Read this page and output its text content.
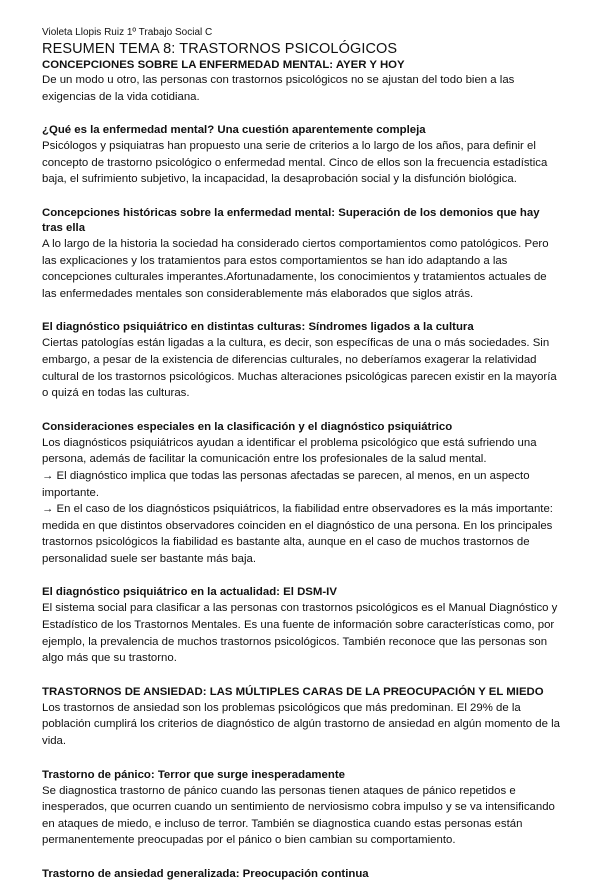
Violeta Llopis Ruiz 1º Trabajo Social C
RESUMEN TEMA 8: TRASTORNOS PSICOLÓGICOS
CONCEPCIONES SOBRE LA ENFERMEDAD MENTAL: AYER Y HOY

De un modo u otro, las personas con trastornos psicológicos no se ajustan del todo bien a las exigencias de la vida cotidiana.

¿Qué es la enfermedad mental? Una cuestión aparentemente compleja

Psicólogos y psiquiatras han propuesto una serie de criterios a lo largo de los años, para definir el concepto de trastorno psicológico o enfermedad mental. Cinco de ellos son la frecuencia estadística baja, el sufrimiento subjetivo, la incapacidad, la desaprobación social y la disfunción biológica.

Concepciones históricas sobre la enfermedad mental: Superación de los demonios que hay tras ella

A lo largo de la historia la sociedad ha considerado ciertos comportamientos como patológicos. Pero las explicaciones y los tratamientos para estos comportamientos se han ido adaptando a las concepciones culturales imperantes.Afortunadamente, los conocimientos y tratamientos actuales de las enfermedades mentales son considerablemente más elaborados que siglos atrás.

El diagnóstico psiquiátrico en distintas culturas: Síndromes ligados a la cultura

Ciertas patologías están ligadas a la cultura, es decir, son específicas de una o más sociedades. Sin embargo, a pesar de la existencia de diferencias culturales, no deberíamos exagerar la relatividad cultural de los trastornos psicológicos. Muchas alteraciones psicológicas parecen existir en la mayoría o quizá en todas las culturas.

Consideraciones especiales en la clasificación y el diagnóstico psiquiátrico

Los diagnósticos psiquiátricos ayudan a identificar el problema psicológico que está sufriendo una persona, además de facilitar la comunicación entre los profesionales de la salud mental.

→ El diagnóstico implica que todas las personas afectadas se parecen, al menos, en un aspecto importante.

→ En el caso de los diagnósticos psiquiátricos, la fiabilidad entre observadores es la más importante: medida en que distintos observadores coinciden en el diagnóstico de una persona. En los principales trastornos psicológicos la fiabilidad es bastante alta, aunque en el caso de muchos trastornos de personalidad suele ser bastante más baja.

El diagnóstico psiquiátrico en la actualidad: El DSM-IV

El sistema social para clasificar a las personas con trastornos psicológicos es el Manual Diagnóstico y Estadístico de los Trastornos Mentales. Es una fuente de información sobre características como, por ejemplo, la prevalencia de muchos trastornos psicológicos. También reconoce que las personas son algo más que su trastorno.

TRASTORNOS DE ANSIEDAD: LAS MÚLTIPLES CARAS DE LA PREOCUPACIÓN Y EL MIEDO

Los trastornos de ansiedad son los problemas psicológicos que más predominan. El 29% de la población cumplirá los criterios de diagnóstico de algún trastorno de ansiedad en algún momento de la vida.

Trastorno de pánico: Terror que surge inesperadamente

Se diagnostica trastorno de pánico cuando las personas tienen ataques de pánico repetidos e inesperados, que ocurren cuando un sentimiento de nerviosismo cobra impulso y se va intensificando en ataques de miedo, e incluso de terror. También se diagnostica cuando estas personas están permanentemente preocupadas por el pánico o bien cambian su comportamiento.

Trastorno de ansiedad generalizada: Preocupación continua
